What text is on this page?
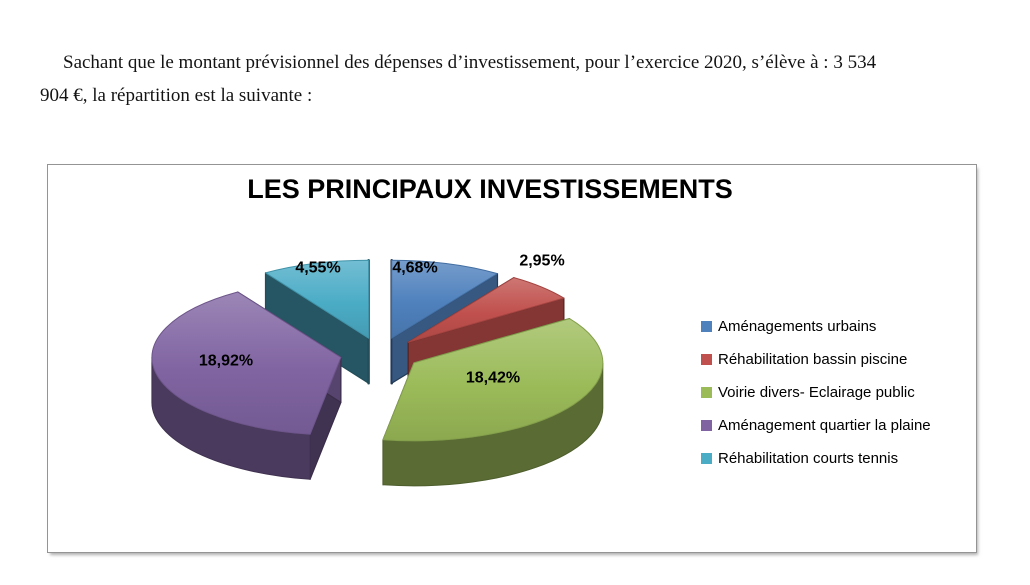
Sachant que le montant prévisionnel des dépenses d’investissement, pour l’exercice 2020, s’élève à : 3 534
904 €, la répartition est la suivante :

LES PRINCIPAUX INVESTISSEMENTS
4,68%	2,95%
18,42%
18,92%
4,55%
Aménagements urbains
Réhabilitation bassin piscine
Voirie divers- Eclairage public
Aménagement quartier la plaine
Réhabilitation courts tennis
